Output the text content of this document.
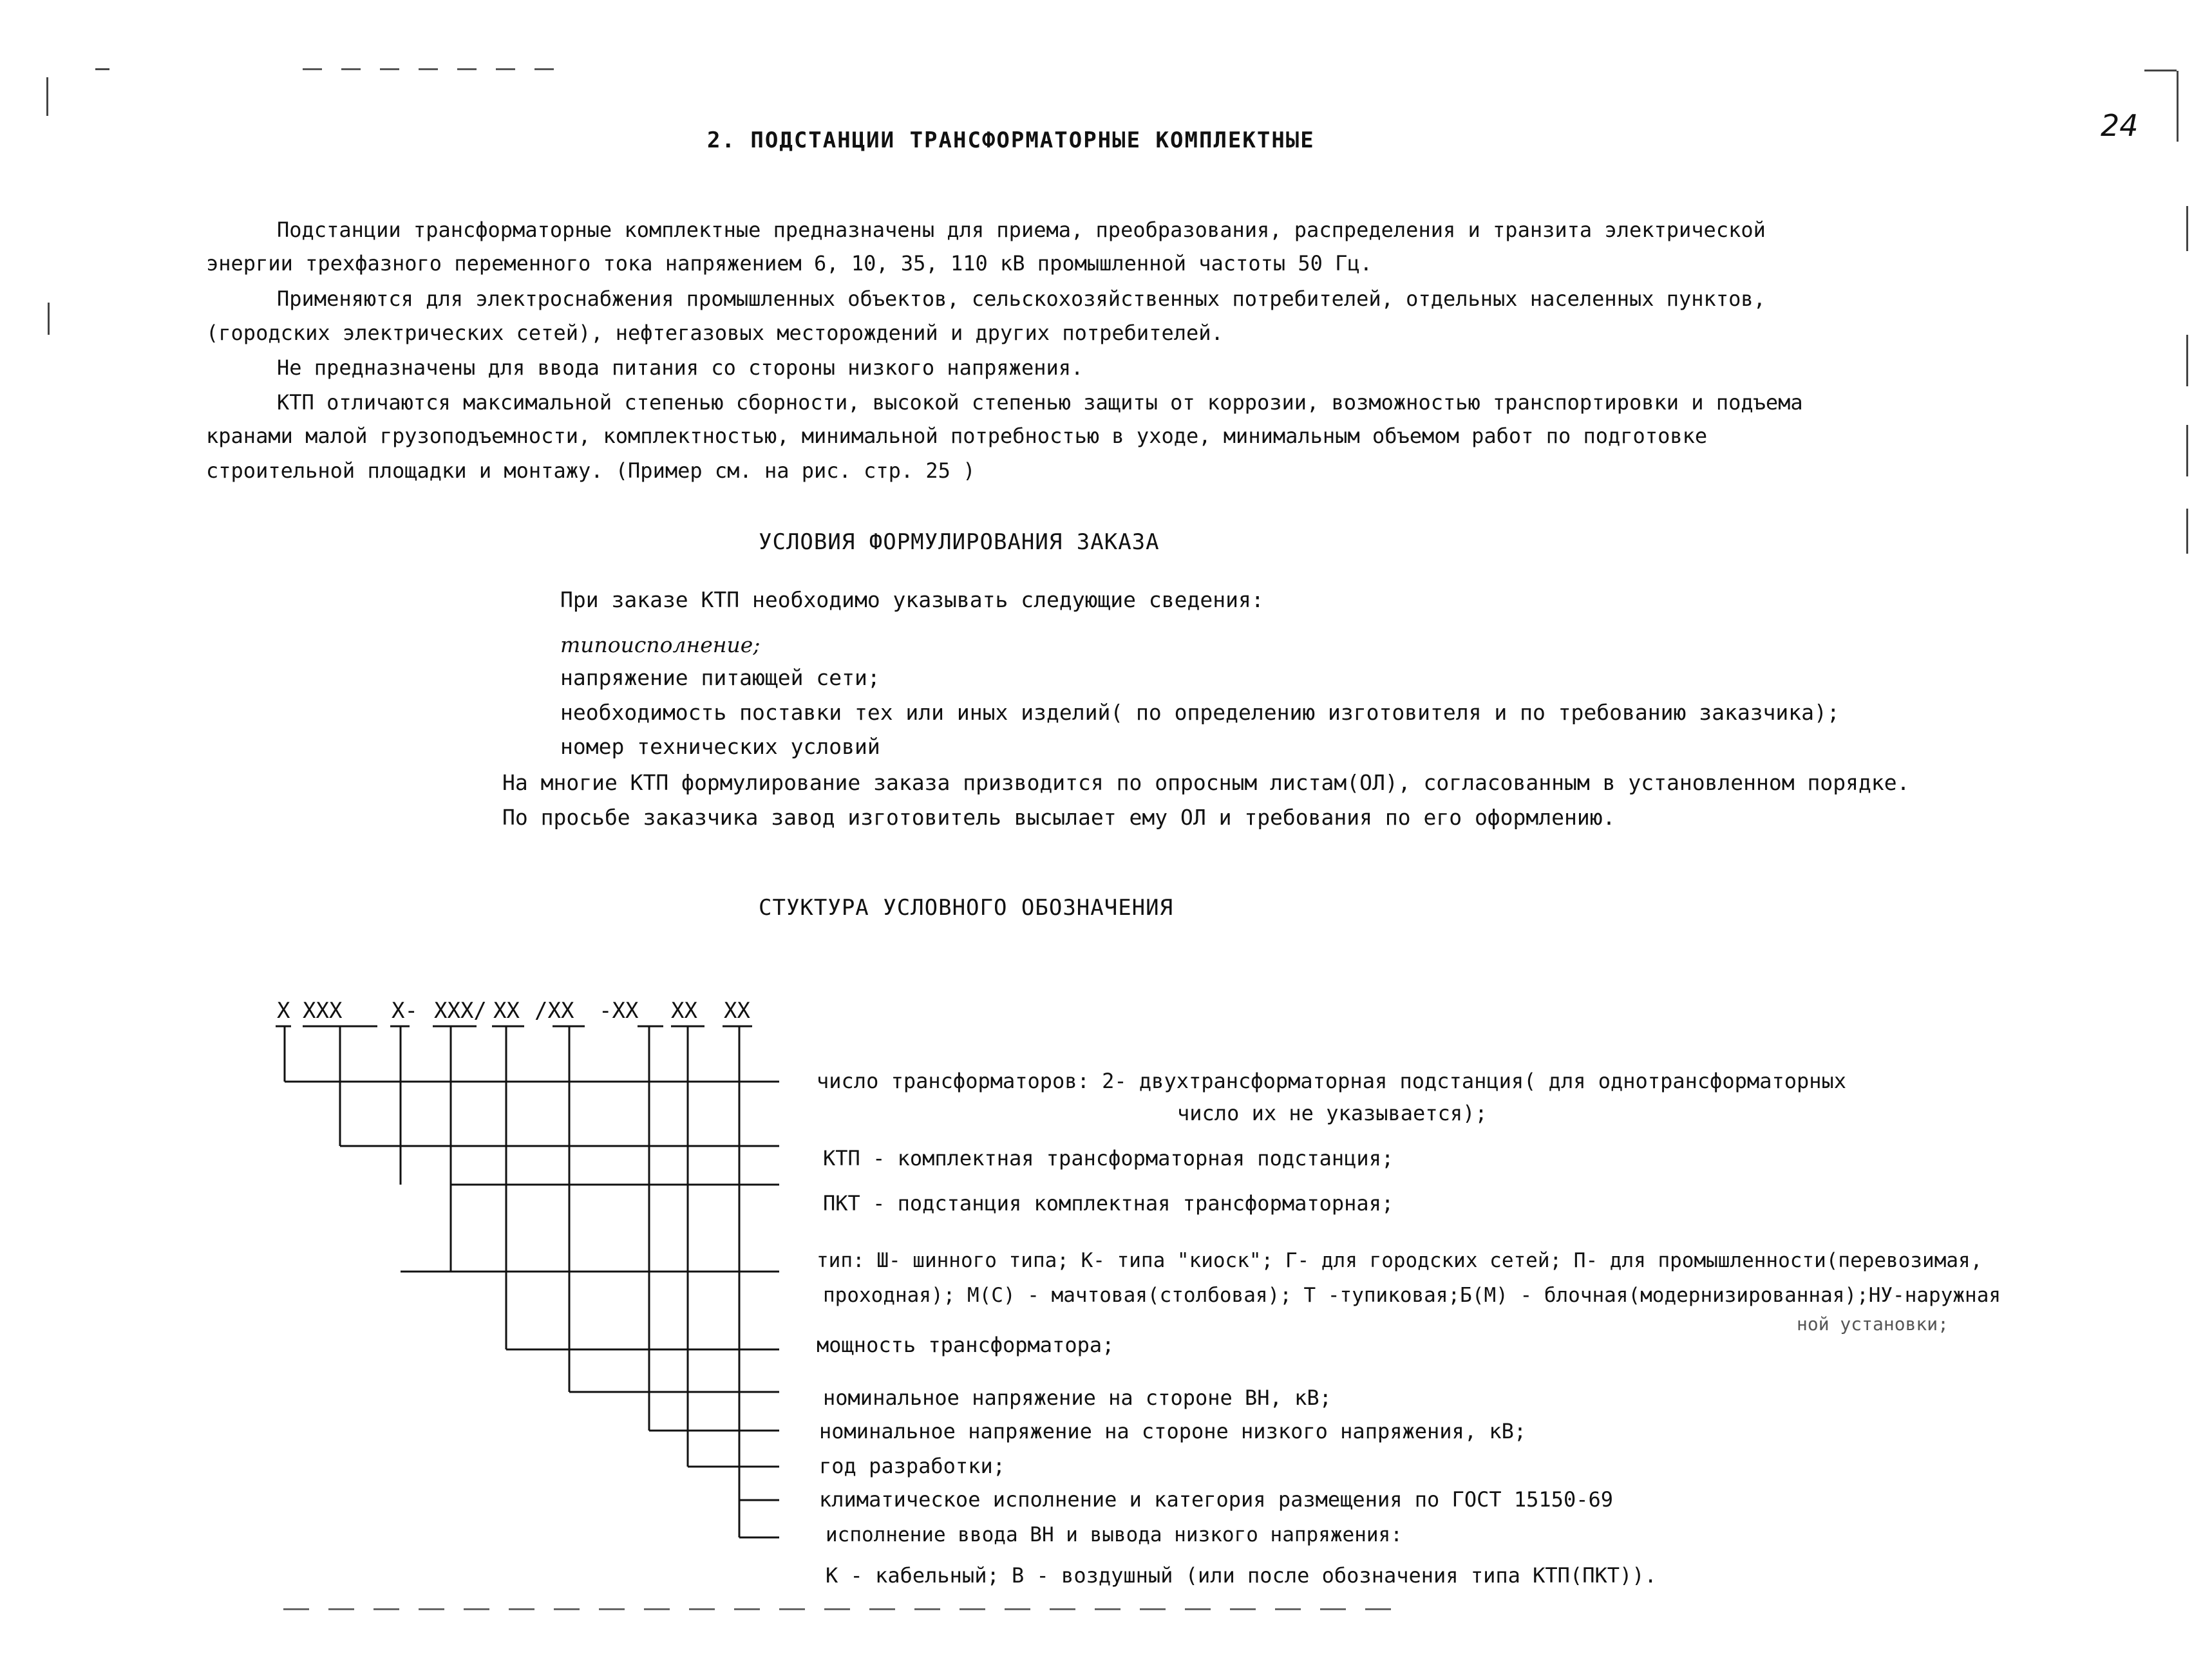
24
2. ПОДСТАНЦИИ ТРАНСФОРМАТОРНЫЕ КОМПЛЕКТНЫЕ
Подстанции трансформаторные комплектные предназначены для приема, преобразования, распределения и транзита электрической
энергии трехфазного переменного тока напряжением 6, 10, 35, 110 кВ промышленной частоты 50 Гц.
Применяются для электроснабжения промышленных объектов, сельскохозяйственных потребителей, отдельных населенных пунктов,
(городских электрических сетей), нефтегазовых месторождений и других потребителей.
Не предназначены для ввода питания со стороны низкого напряжения.
КТП отличаются максимальной степенью сборности, высокой степенью защиты от коррозии, возможностью транспортировки и подъема
кранами малой грузоподъемности, комплектностью, минимальной потребностью в уходе, минимальным объемом работ по подготовке
строительной площадки и монтажу. (Пример см. на рис. стр. 25 )
УСЛОВИЯ ФОРМУЛИРОВАНИЯ ЗАКАЗА
При заказе КТП необходимо указывать следующие сведения:
типоисполнение;
напряжение питающей сети;
необходимость поставки тех или иных изделий( по определению изготовителя и по требованию заказчика);
номер технических условий
На многие КТП формулирование заказа призводится по опросным листам(ОЛ), согласованным в установленном порядке.
По просьбе заказчика завод изготовитель высылает ему ОЛ и требования по его оформлению.
СТУКТУРА УСЛОВНОГО ОБОЗНАЧЕНИЯ
X XXX X- XXX/ XX /XX -XX XX XX
число трансформаторов: 2- двухтрансформаторная подстанция( для однотрансформаторных
число их не указывается);
КТП - комплектная трансформаторная подстанция;
ПКТ - подстанция комплектная трансформаторная;
тип: Ш- шинного типа; К- типа "киоск"; Г- для городских сетей; П- для промышленности(перевозимая,
проходная); М(С) - мачтовая(столбовая); Т -тупиковая;Б(М) - блочная(модернизированная);НУ-наружная
ной установки;
мощность трансформатора;
номинальное напряжение на стороне ВН, кВ;
номинальное напряжение на стороне низкого напряжения, кВ;
год разработки;
климатическое исполнение и категория размещения по ГОСТ 15150-69
исполнение ввода ВН и вывода низкого напряжения:
К - кабельный; В - воздушный (или после обозначения типа КТП(ПКТ)).
